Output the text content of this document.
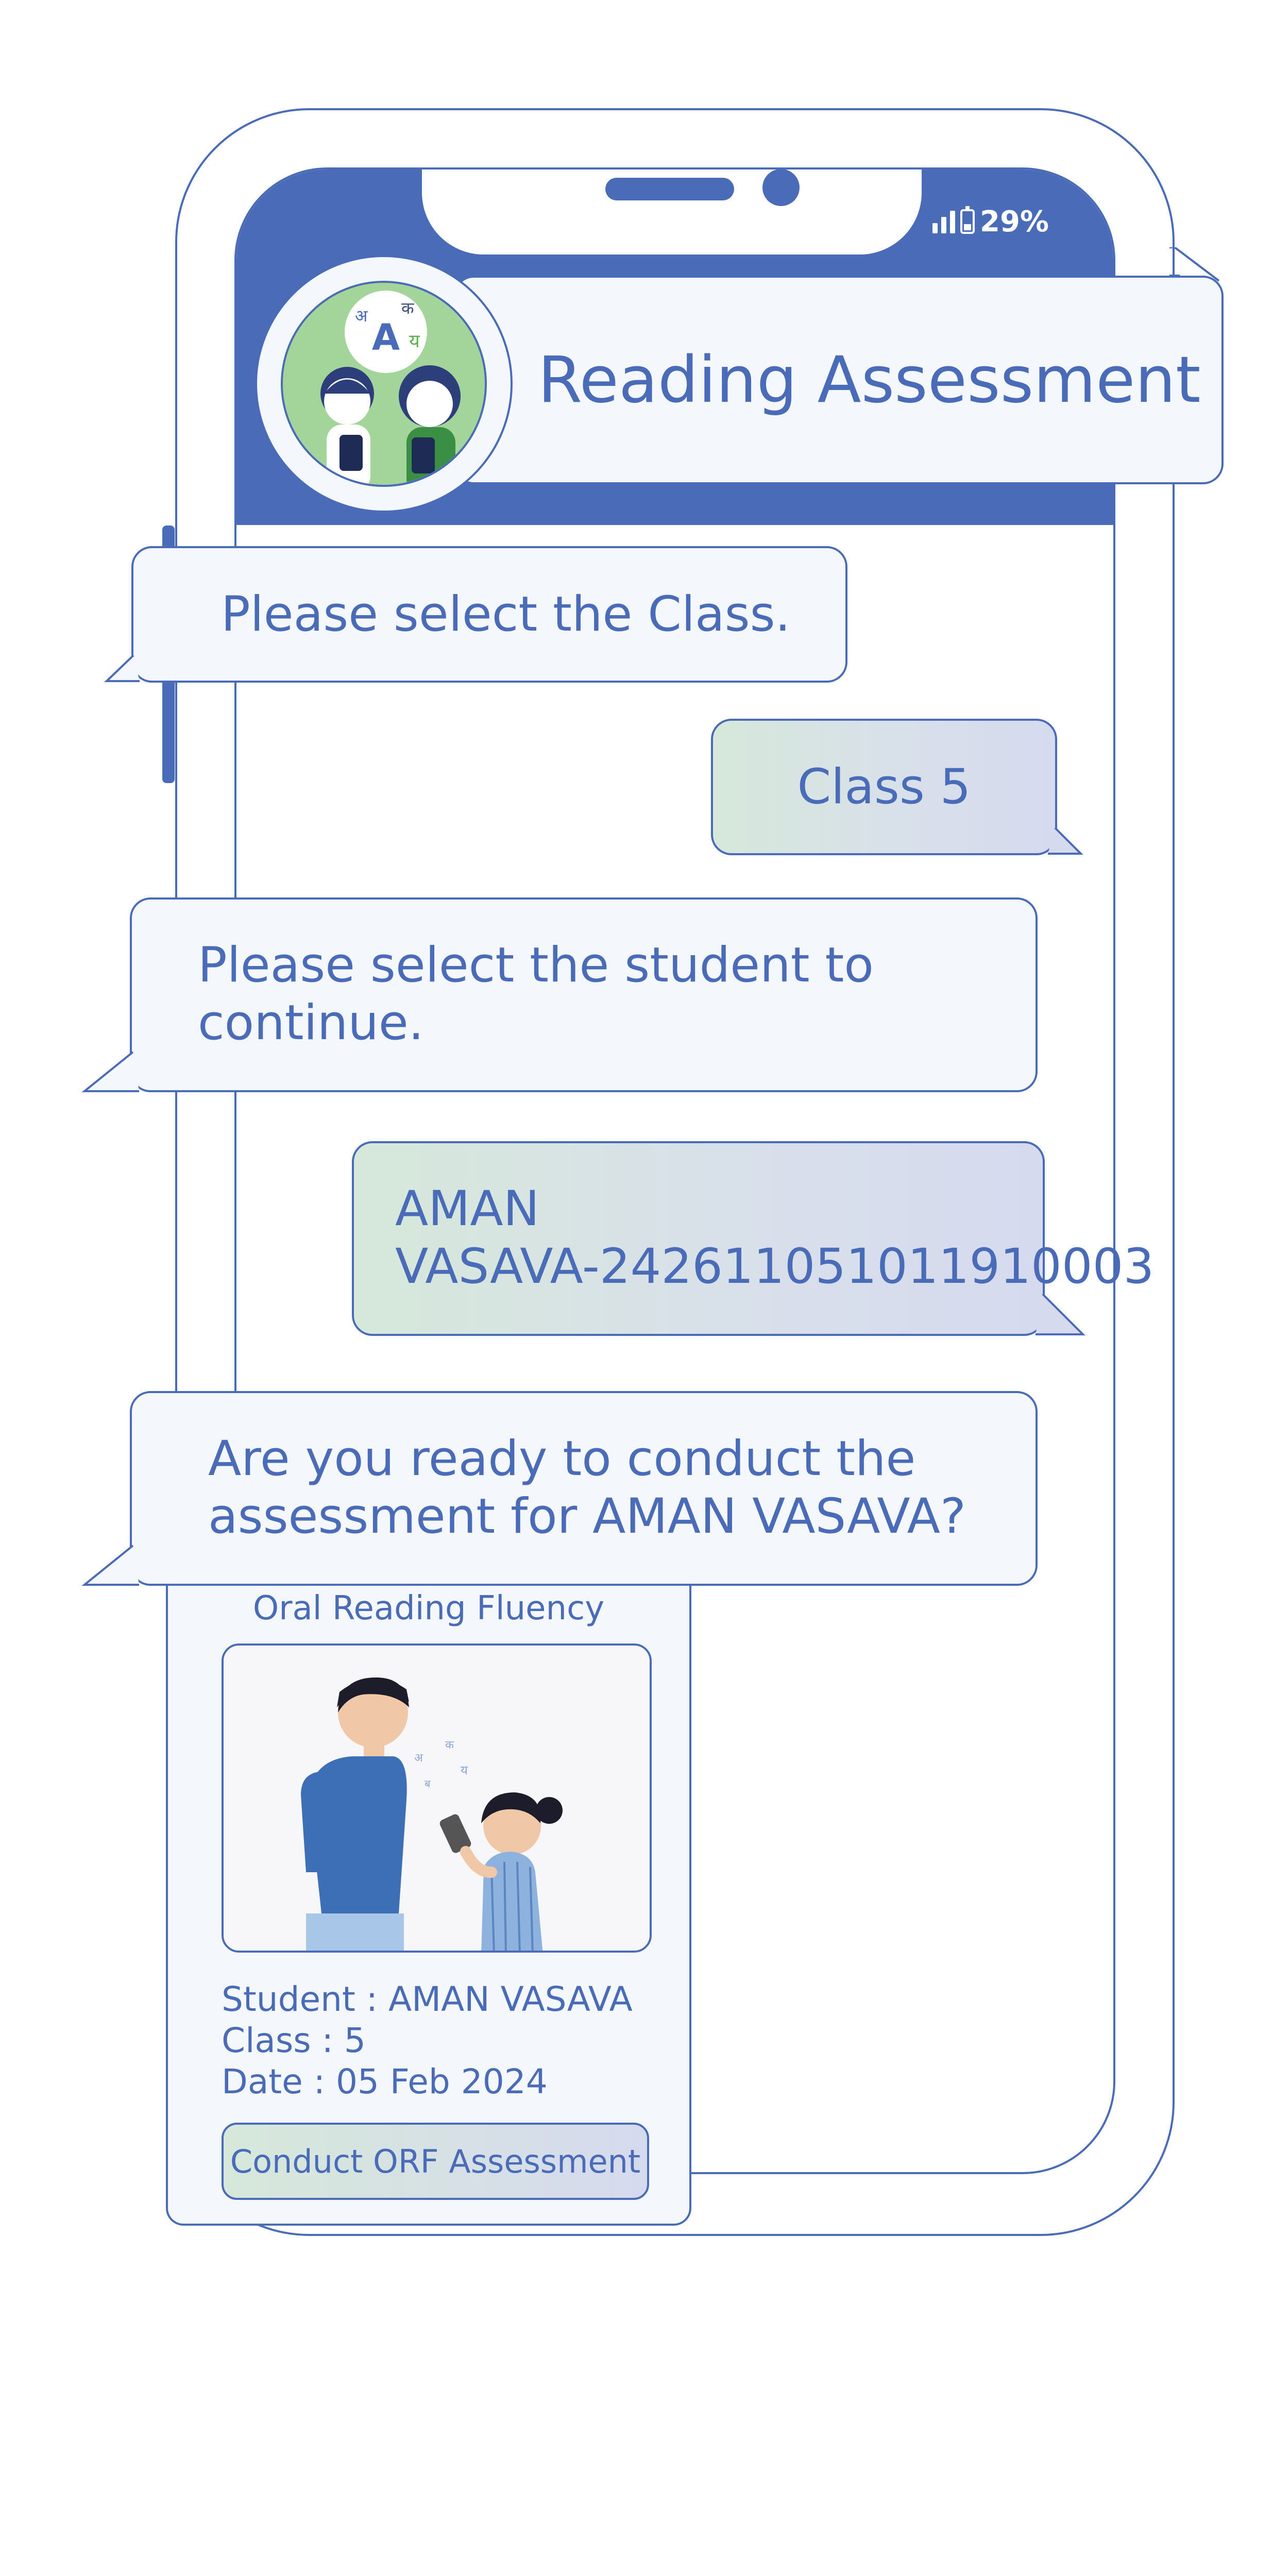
29%
Reading Assessment
A
अ क
य
Please select the Class.
Class 5
Please select the student to
continue.
AMAN
VASAVA-242611051011910003
Oral Reading Fluency
अ
क
ब
य
Student : AMAN VASAVA
Class : 5
Date : 05 Feb 2024
Conduct ORF Assessment
Are you ready to conduct the
assessment for AMAN VASAVA?
